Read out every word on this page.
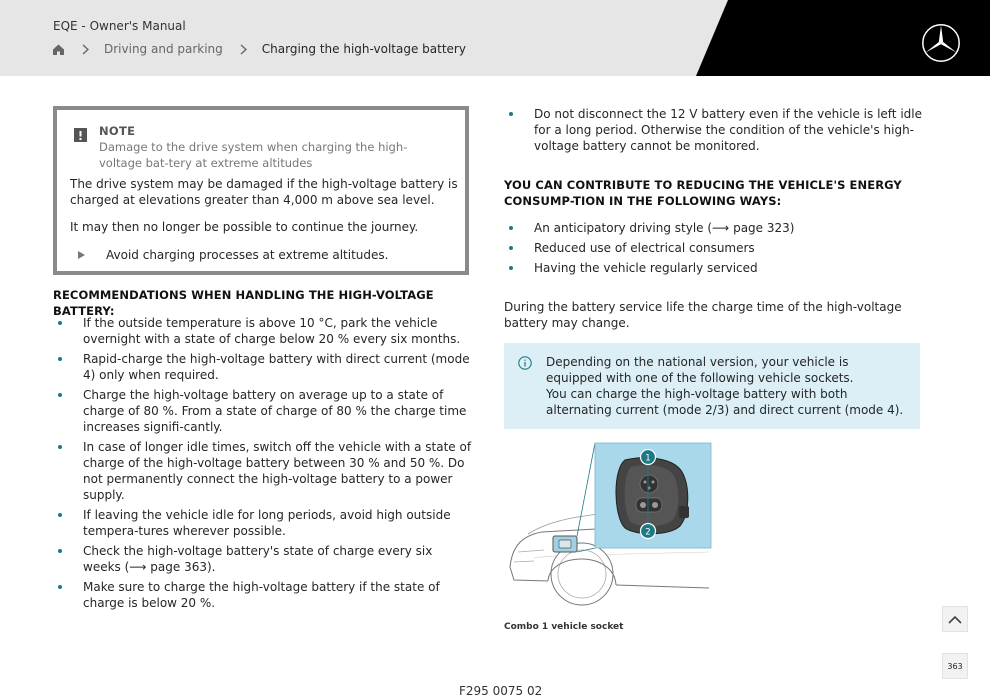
EQE - Owner's Manual
Driving and parking	Charging the high-voltage battery
NOTE
Damage to the drive system when charging the high-voltage bat-tery at extreme altitudes
The drive system may be damaged if the high-voltage battery is charged at elevations greater than 4,000 m above sea level.
It may then no longer be possible to continue the journey.
Avoid charging processes at extreme altitudes.
RECOMMENDATIONS WHEN HANDLING THE HIGH-VOLTAGE BATTERY:
If the outside temperature is above 10 °C, park the vehicle overnight with a state of charge below 20 % every six months.
Rapid-charge the high-voltage battery with direct current (mode 4) only when required.
Charge the high-voltage battery on average up to a state of charge of 80 %. From a state of charge of 80 % the charge time increases signifi-cantly.
In case of longer idle times, switch off the vehicle with a state of charge of the high-voltage battery between 30 % and 50 %. Do not permanently connect the high-voltage battery to a power supply.
If leaving the vehicle idle for long periods, avoid high outside tempera-tures wherever possible.
Check the high-voltage battery's state of charge every six weeks (⟶ page 363).
Make sure to charge the high-voltage battery if the state of charge is below 20 %.
Do not disconnect the 12 V battery even if the vehicle is left idle for a long period. Otherwise the condition of the vehicle's high-voltage battery cannot be monitored.
YOU CAN CONTRIBUTE TO REDUCING THE VEHICLE'S ENERGY CONSUMP-TION IN THE FOLLOWING WAYS:
An anticipatory driving style (⟶ page 323)
Reduced use of electrical consumers
Having the vehicle regularly serviced
During the battery service life the charge time of the high-voltage battery may change.
Depending on the national version, your vehicle is equipped with one of the following vehicle sockets.
You can charge the high-voltage battery with both alternating current (mode 2/3) and direct current (mode 4).
1
2
Combo 1 vehicle socket
F295 0075 02
363
